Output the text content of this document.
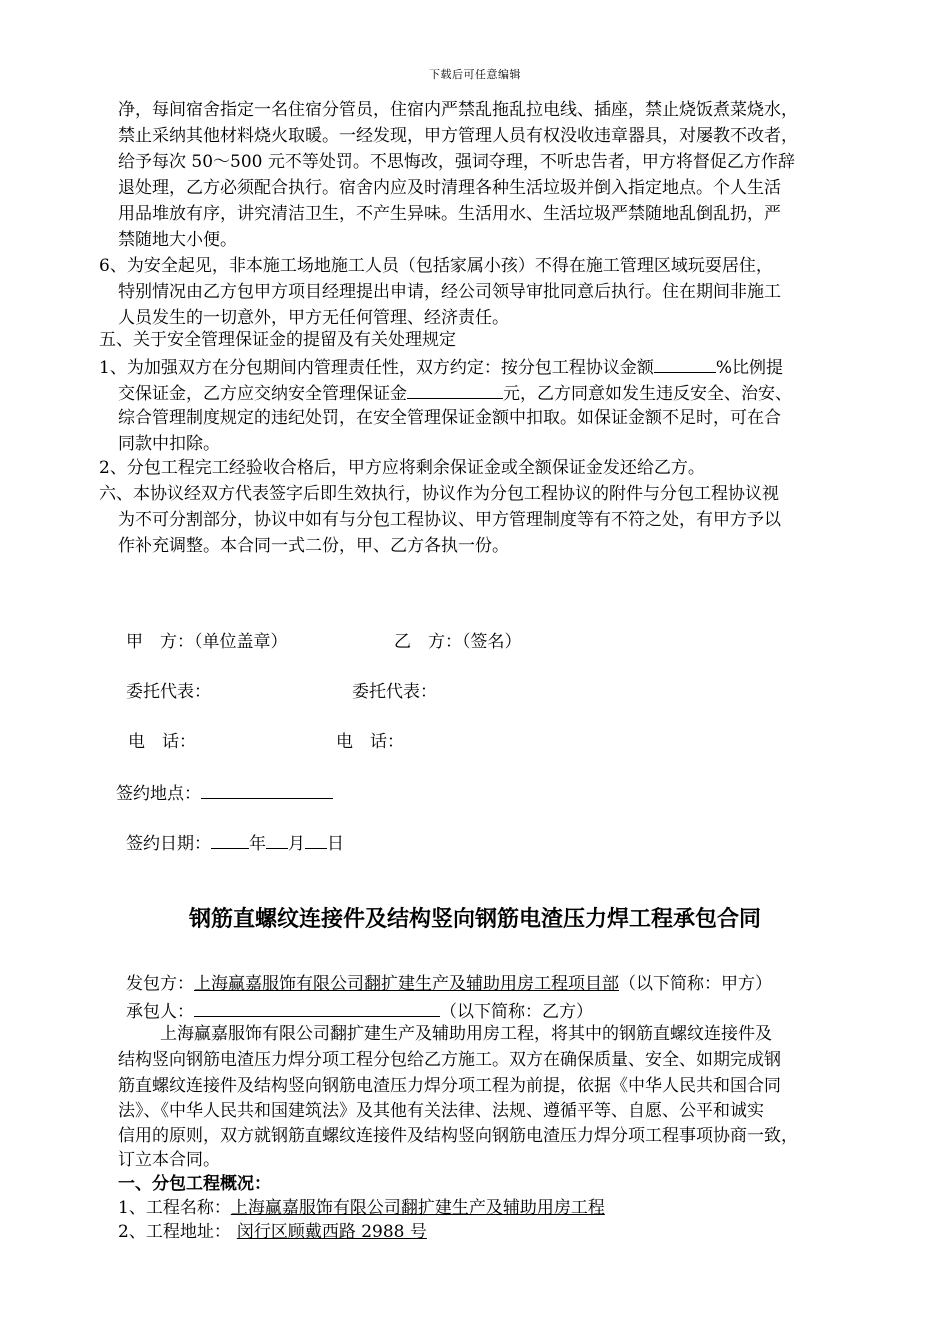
下载后可任意编辑
净，每间宿舍指定一名住宿分管员，住宿内严禁乱拖乱拉电线、插座，禁止烧饭煮菜烧水，
禁止采纳其他材料烧火取暖。一经发现，甲方管理人员有权没收违章器具，对屡教不改者，
给予每次 50～500 元不等处罚。不思悔改，强词夺理，不听忠告者，甲方将督促乙方作辞
退处理，乙方必须配合执行。宿舍内应及时清理各种生活垃圾并倒入指定地点。个人生活
用品堆放有序，讲究清洁卫生，不产生异味。生活用水、生活垃圾严禁随地乱倒乱扔，严
禁随地大小便。
6、为安全起见，非本施工场地施工人员（包括家属小孩）不得在施工管理区域玩耍居住，
特别情况由乙方包甲方项目经理提出申请，经公司领导审批同意后执行。住在期间非施工
人员发生的一切意外，甲方无任何管理、经济责任。
五、关于安全管理保证金的提留及有关处理规定
1、为加强双方在分包期间内管理责任性，双方约定：按分包工程协议金额	%比例提
交保证金，乙方应交纳安全管理保证金	元，乙方同意如发生违反安全、治安、
综合管理制度规定的违纪处罚，在安全管理保证金额中扣取。如保证金额不足时，可在合
同款中扣除。
2、分包工程完工经验收合格后，甲方应将剩余保证金或全额保证金发还给乙方。
六、本协议经双方代表签字后即生效执行，协议作为分包工程协议的附件与分包工程协议视
为不可分割部分，协议中如有与分包工程协议、甲方管理制度等有不符之处，有甲方予以
作补充调整。本合同一式二份，甲、乙方各执一份。
甲　方：（单位盖章）	乙　方：（签名）
委托代表：	委托代表：
电　话：	电　话：
签约地点：
签约日期： 年 月 日
钢筋直螺纹连接件及结构竖向钢筋电渣压力焊工程承包合同
发包方：上海赢嘉服饰有限公司翻扩建生产及辅助用房工程项目部（以下简称：甲方）
承包人：	（以下简称：乙方）
上海赢嘉服饰有限公司翻扩建生产及辅助用房工程，将其中的钢筋直螺纹连接件及
结构竖向钢筋电渣压力焊分项工程分包给乙方施工。双方在确保质量、安全、如期完成钢
筋直螺纹连接件及结构竖向钢筋电渣压力焊分项工程为前提，依据《中华人民共和国合同
法》、《中华人民共和国建筑法》及其他有关法律、法规、遵循平等、自愿、公平和诚实
信用的原则，双方就钢筋直螺纹连接件及结构竖向钢筋电渣压力焊分项工程事项协商一致，
订立本合同。
一、分包工程概况：
1、工程名称：上海赢嘉服饰有限公司翻扩建生产及辅助用房工程
2、工程地址： 闵行区顾戴西路 2988 号
